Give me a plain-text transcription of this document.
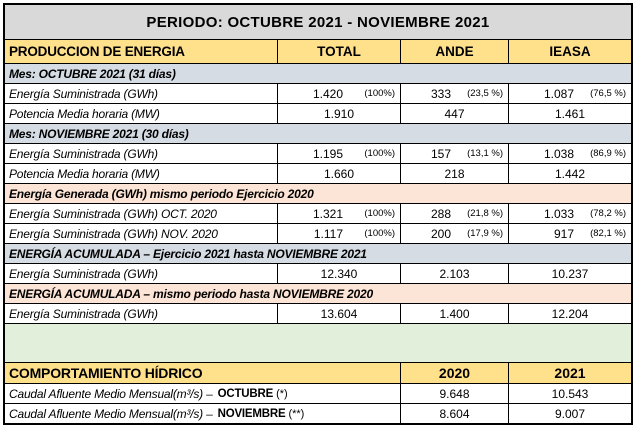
PERIODO: OCTUBRE 2021 - NOVIEMBRE 2021
PRODUCCION DE ENERGIA	TOTAL	ANDE	IEASA
Mes: OCTUBRE 2021 (31 días)
Energía Suministrada (GWh)	1.420	(100%)	333	(23,5 %)	1.087	(76,5 %)
Potencia Media horaria (MW)	1.910	447	1.461
Mes: NOVIEMBRE 2021 (30 días)
Energía Suministrada (GWh)	1.195	(100%)	157	(13,1 %)	1.038	(86,9 %)
Potencia Media horaria (MW)	1.660	218	1.442
Energía Generada (GWh) mismo periodo Ejercicio 2020
Energía Suministrada (GWh) OCT. 2020	1.321	(100%)	288	(21,8 %)	1.033	(78,2 %)
Energía Suministrada (GWh) NOV. 2020	1.117	(100%)	200	(17,9 %)	917	(82,1 %)
ENERGÍA ACUMULADA – Ejercicio 2021 hasta NOVIEMBRE 2021
Energía Suministrada (GWh)	12.340	2.103	10.237
ENERGÍA ACUMULADA – mismo periodo hasta NOVIEMBRE 2020
Energía Suministrada (GWh)	13.604	1.400	12.204
COMPORTAMIENTO HÍDRICO	2020	2021
Caudal Afluente Medio Mensual(m³/s) – OCTUBRE (*)	9.648	10.543
Caudal Afluente Medio Mensual(m³/s) – NOVIEMBRE (**)	8.604	9.007
